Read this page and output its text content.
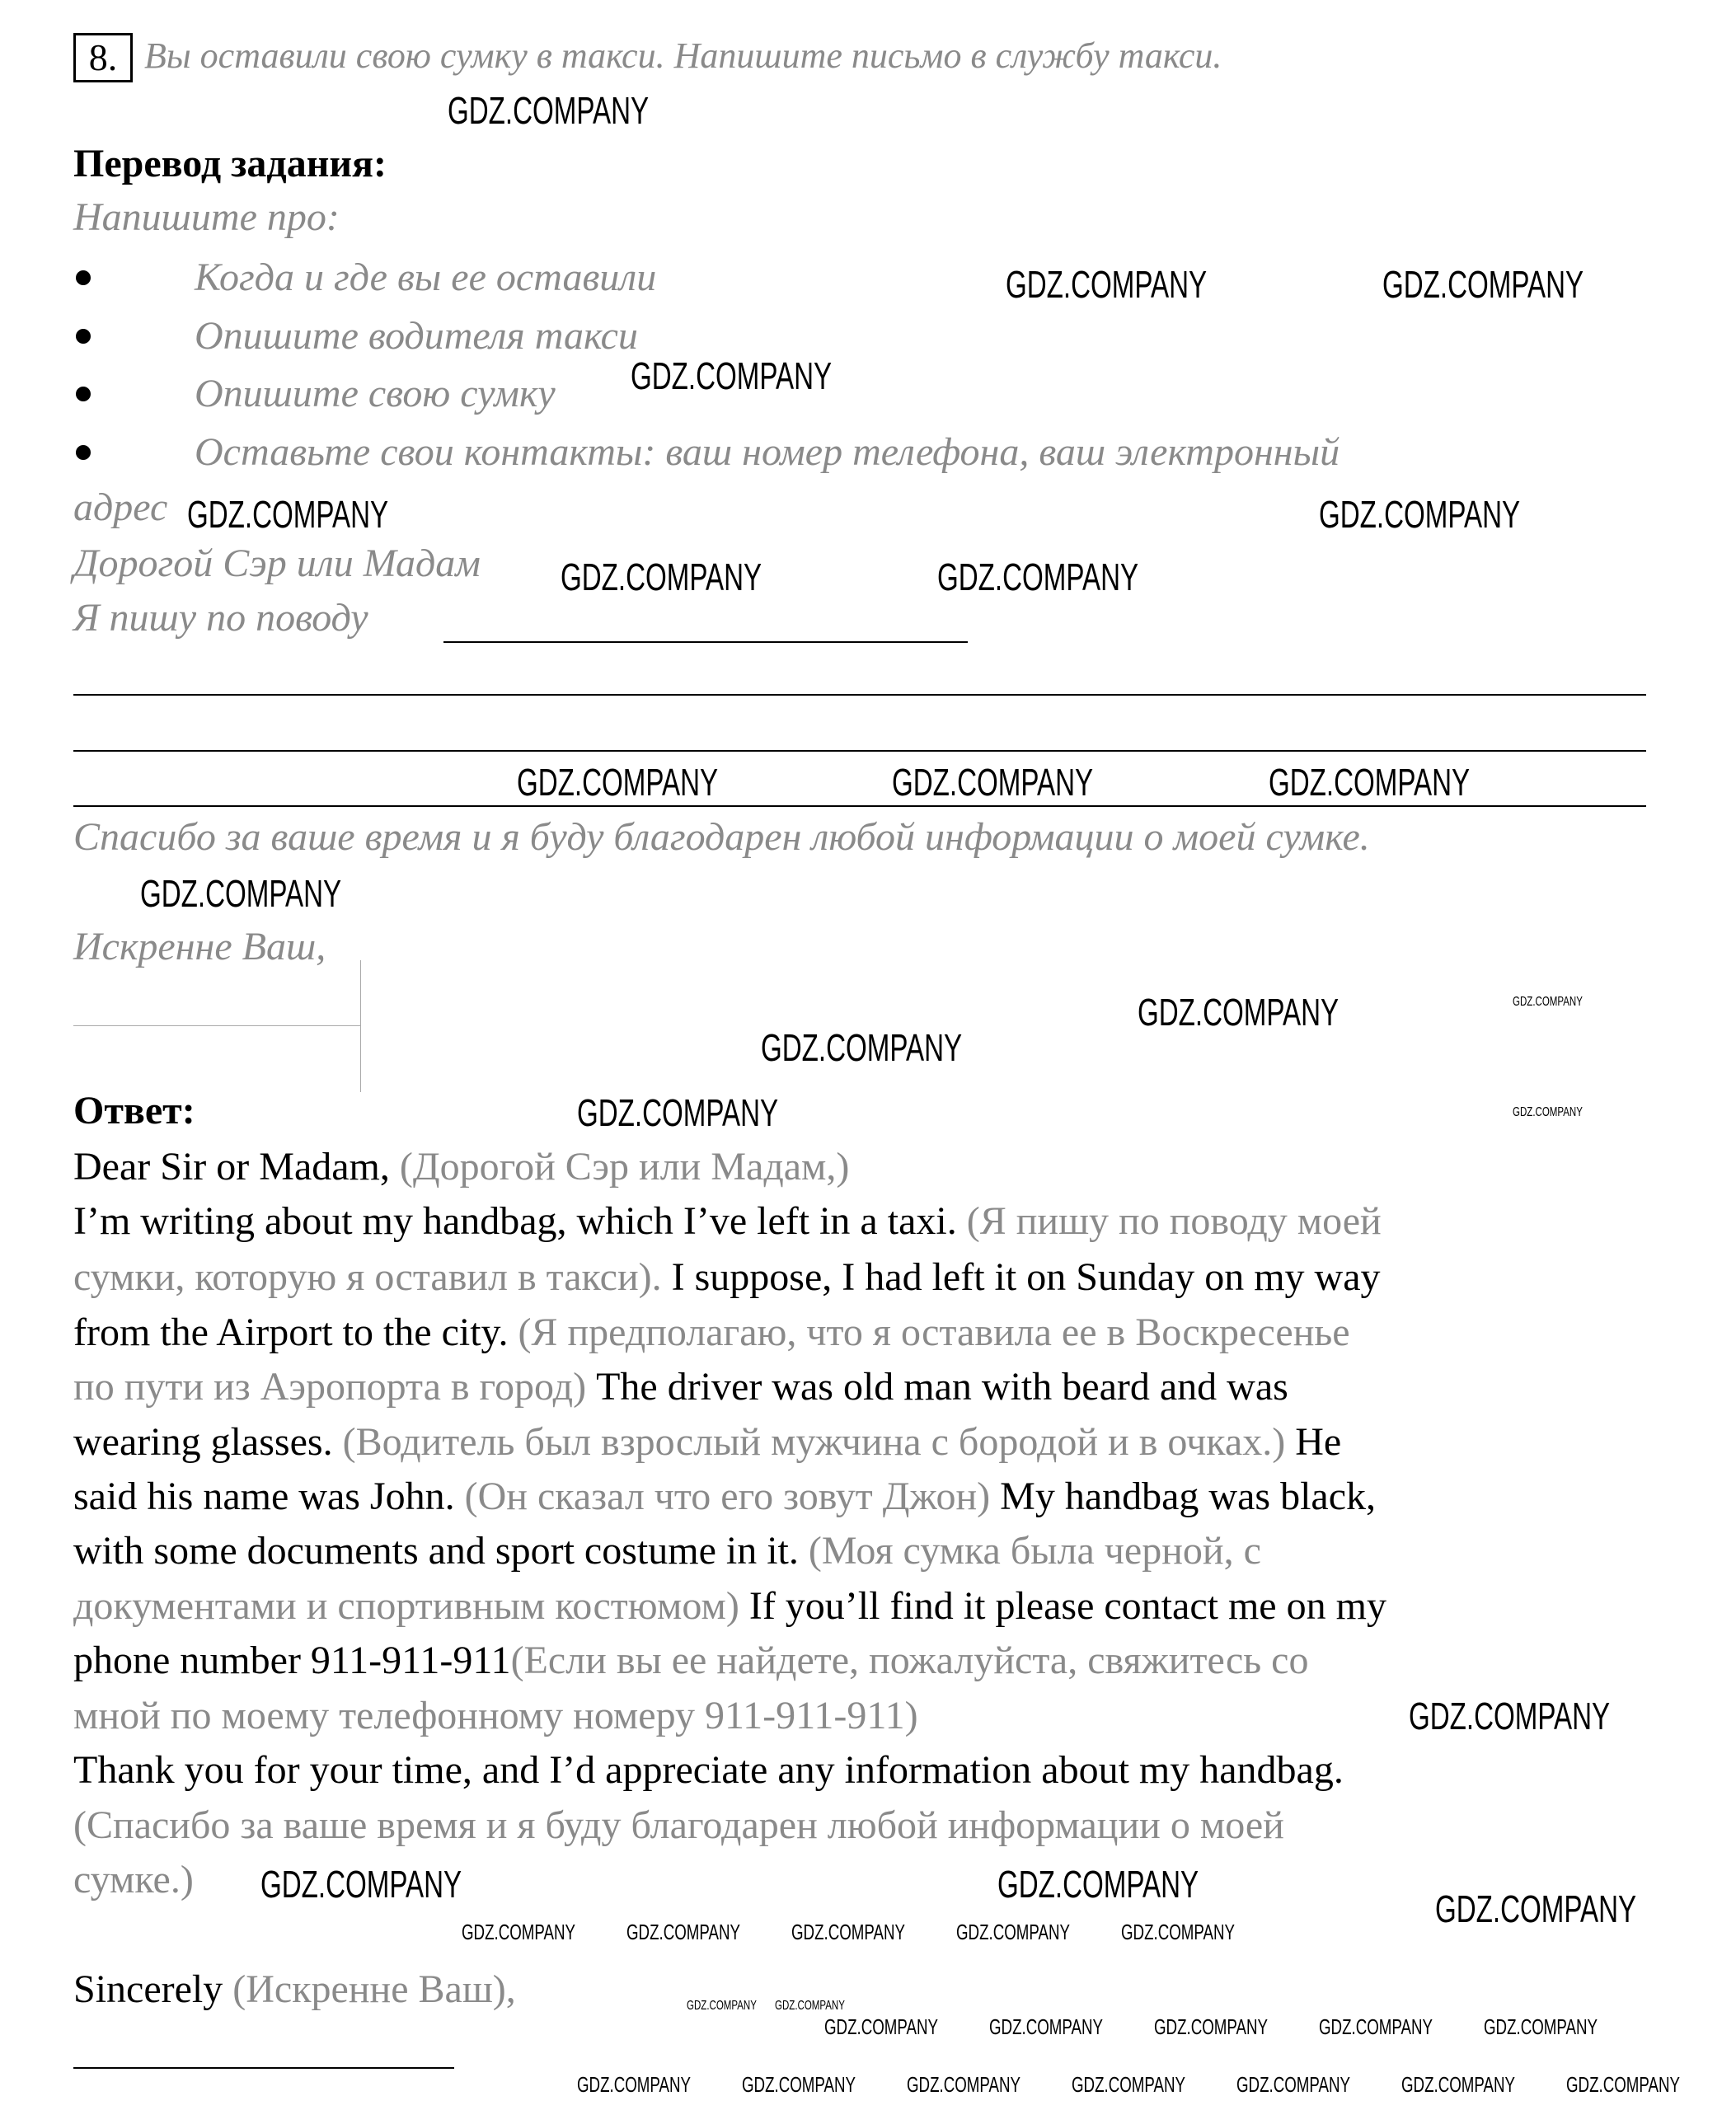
8. Вы оставили свою сумку в такси. Напишите письмо в службу такси.
Перевод задания:
Напишите про:
Когда и где вы ее оставили
Опишите водителя такси
Опишите свою сумку
Оставьте свои контакты: ваш номер телефона, ваш электронный
адрес
Дорогой Сэр или Мадам
Я пишу по поводу
Спасибо за ваше время и я буду благодарен любой информации о моей сумке.
Искренне Ваш,
Ответ:
Dear Sir or Madam, (Дорогой Сэр или Мадам,)
I’m writing about my handbag, which I’ve left in a taxi. (Я пишу по поводу моей
сумки, которую я оставил в такси). I suppose, I had left it on Sunday on my way
from the Airport to the city. (Я предполагаю, что я оставила ее в Воскресенье
по пути из Аэропорта в город) The driver was old man with beard and was
wearing glasses. (Водитель был взрослый мужчина с бородой и в очках.) He
said his name was John. (Он сказал что его зовут Джон) My handbag was black,
with some documents and sport costume in it. (Моя сумка была черной, с
документами и спортивным костюмом) If you’ll find it please contact me on my
phone number 911-911-911(Если вы ее найдете, пожалуйста, свяжитесь со
мной по моему телефонному номеру 911-911-911)
Thank you for your time, and I’d appreciate any information about my handbag.
(Спасибо за ваше время и я буду благодарен любой информации о моей
сумке.)
Sincerely (Искренне Ваш),
GDZ.COMPANY
GDZ.COMPANY	GDZ.COMPANY
GDZ.COMPANY
GDZ.COMPANY
GDZ.COMPANY
GDZ.COMPANY	GDZ.COMPANY
GDZ.COMPANY	GDZ.COMPANY	GDZ.COMPANY
GDZ.COMPANY
GDZ.COMPANY
GDZ.COMPANY
GDZ.COMPANY
GDZ.COMPANY
GDZ.COMPANY	GDZ.COMPANY
GDZ.COMPANY
GDZ.COMPANY GDZ.COMPANY GDZ.COMPANY GDZ.COMPANY GDZ.COMPANY
GDZ.COMPANY GDZ.COMPANY GDZ.COMPANY GDZ.COMPANY GDZ.COMPANY
GDZ.COMPANY GDZ.COMPANY GDZ.COMPANY GDZ.COMPANY GDZ.COMPANY GDZ.COMPANY GDZ.COMPANY
GDZ.COMPANY
GDZ.COMPANY
GDZ.COMPANY GDZ.COMPANY
